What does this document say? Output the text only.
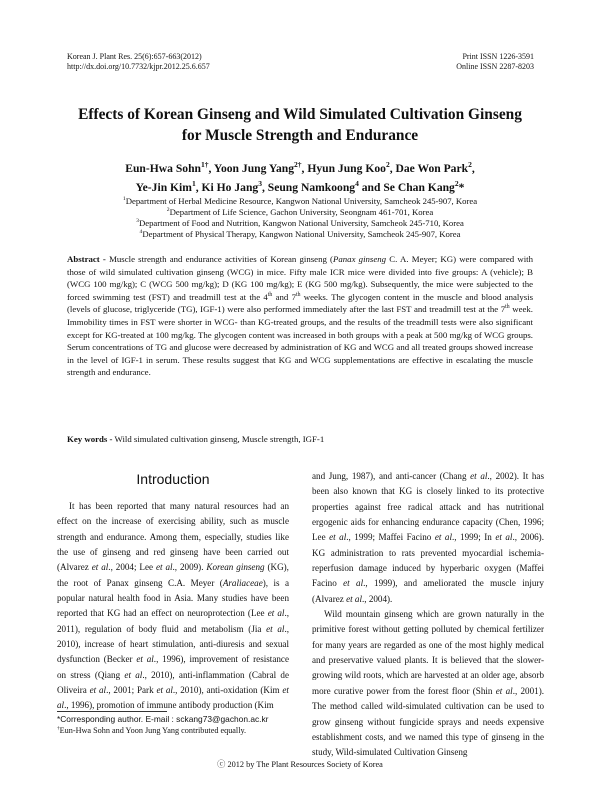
Korean J. Plant Res. 25(6):657-663(2012)
http://dx.doi.org/10.7732/kjpr.2012.25.6.657
Print ISSN 1226-3591
Online ISSN 2287-8203
Effects of Korean Ginseng and Wild Simulated Cultivation Ginseng
for Muscle Strength and Endurance
Eun-Hwa Sohn$^{1\dagger}$, Yoon Jung Yang$^{2\dagger}$, Hyun Jung Koo$^2$, Dae Won Park$^2$,
Ye-Jin Kim$^1$, Ki Ho Jang$^3$, Seung Namkoong$^4$ and Se Chan Kang$^2$*
$^1$Department of Herbal Medicine Resource, Kangwon National University, Samcheok 245-907, Korea
$^2$Department of Life Science, Gachon University, Seongnam 461-701, Korea
$^3$Department of Food and Nutrition, Kangwon National University, Samcheok 245-710, Korea
$^4$Department of Physical Therapy, Kangwon National University, Samcheok 245-907, Korea
Abstract - Muscle strength and endurance activities of Korean ginseng (Panax ginseng C. A. Meyer; KG) were compared with those of wild simulated cultivation ginseng (WCG) in mice. Fifty male ICR mice were divided into five groups: A (vehicle); B (WCG 100 mg/kg); C (WCG 500 mg/kg); D (KG 100 mg/kg); E (KG 500 mg/kg). Subsequently, the mice were subjected to the forced swimming test (FST) and treadmill test at the 4th and 7th weeks. The glycogen content in the muscle and blood analysis (levels of glucose, triglyceride (TG), IGF-1) were also performed immediately after the last FST and treadmill test at the 7th week. Immobility times in FST were shorter in WCG- than KG-treated groups, and the results of the treadmill tests were also significant except for KG-treated at 100 mg/kg. The glycogen content was increased in both groups with a peak at 500 mg/kg of WCG groups. Serum concentrations of TG and glucose were decreased by administration of KG and WCG and all treated groups showed increase in the level of IGF-1 in serum. These results suggest that KG and WCG supplementations are effective in escalating the muscle strength and endurance.
Key words - Wild simulated cultivation ginseng, Muscle strength, IGF-1
Introduction

It has been reported that many natural resources had an effect on the increase of exercising ability, such as muscle strength and endurance. Among them, especially, studies like the use of ginseng and red ginseng have been carried out (Alvarez et al., 2004; Lee et al., 2009). Korean ginseng (KG), the root of Panax ginseng C.A. Meyer (Araliaceae), is a popular natural health food in Asia. Many studies have been reported that KG had an effect on neuroprotection (Lee et al., 2011), regulation of body fluid and metabolism (Jia et al., 2010), increase of heart stimulation, anti-diuresis and sexual dysfunction (Becker et al., 1996), improvement of resistance on stress (Qiang et al., 2010), anti-inflammation (Cabral de Oliveira et al., 2001; Park et al., 2010), anti-oxidation (Kim et al., 1996), promotion of immune antibody production (Kim

and Jung, 1987), and anti-cancer (Chang et al., 2002). It has been also known that KG is closely linked to its protective properties against free radical attack and has nutritional ergogenic aids for enhancing endurance capacity (Chen, 1996; Lee et al., 1999; Maffei Facino et al., 1999; In et al., 2006). KG administration to rats prevented myocardial ischemia-reperfusion damage induced by hyperbaric oxygen (Maffei Facino et al., 1999), and ameliorated the muscle injury (Alvarez et al., 2004).

Wild mountain ginseng which are grown naturally in the primitive forest without getting polluted by chemical fertilizer for many years are regarded as one of the most highly medical and preservative valued plants. It is believed that the slower-growing wild roots, which are harvested at an older age, absorb more curative power from the forest floor (Shin et al., 2001). The method called wild-simulated cultivation can be used to grow ginseng without fungicide sprays and needs expensive establishment costs, and we named this type of ginseng in the study, Wild-simulated Cultivation Ginseng

*Corresponding author. E-mail : sckang73@gachon.ac.kr
†Eun-Hwa Sohn and Yoon Jung Yang contributed equally.
ⓒ 2012 by The Plant Resources Society of Korea
